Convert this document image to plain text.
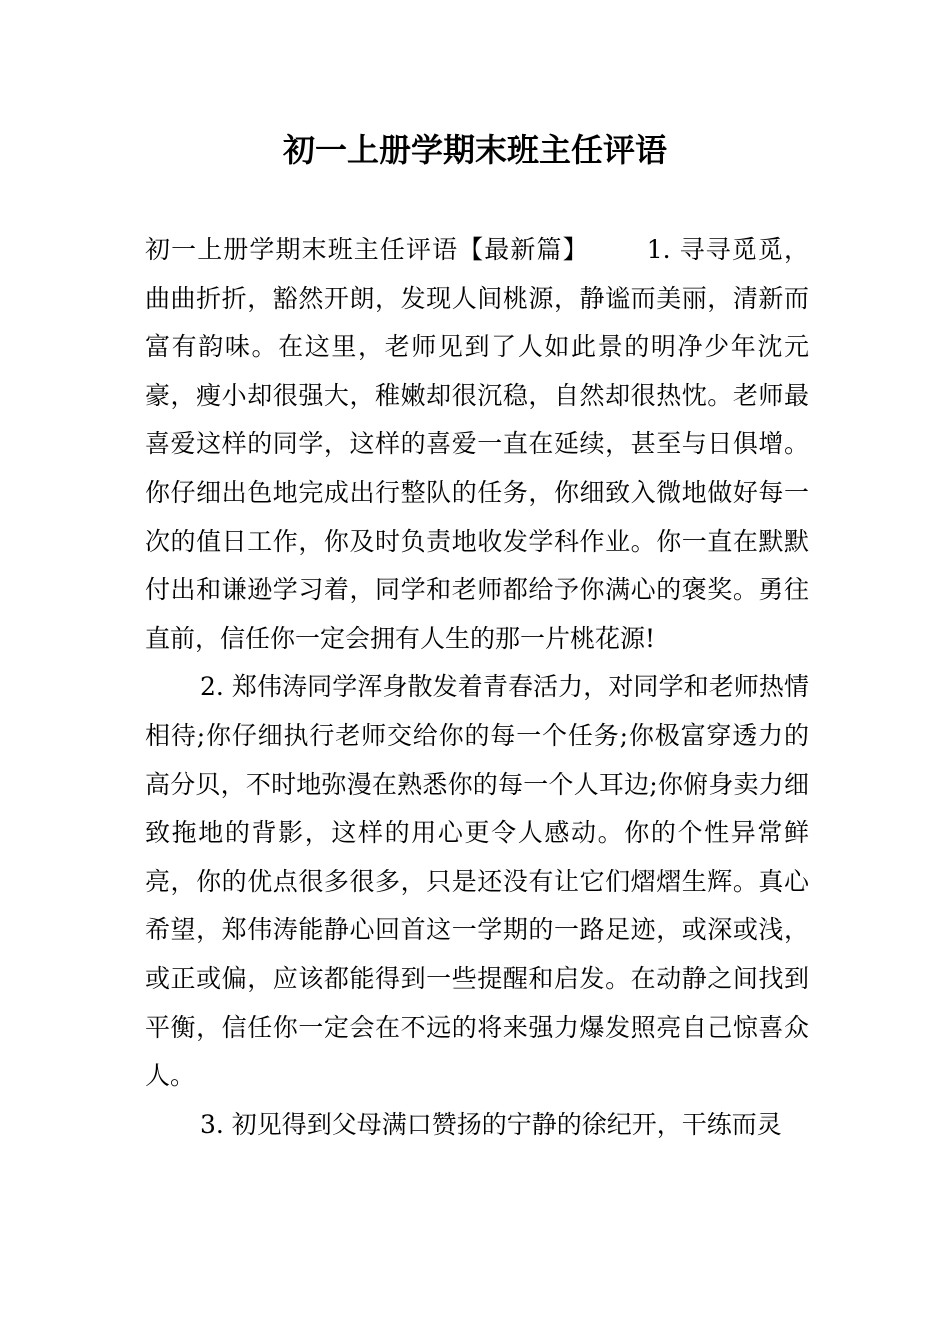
初一上册学期末班主任评语

初一上册学期末班主任评语【最新篇】 1. 寻寻觅觅，曲曲折折，豁然开朗，发现人间桃源，静谧而美丽，清新而富有韵味。在这里，老师见到了人如此景的明净少年沈元豪，瘦小却很强大，稚嫩却很沉稳，自然却很热忱。老师最喜爱这样的同学，这样的喜爱一直在延续，甚至与日俱增。你仔细出色地完成出行整队的任务，你细致入微地做好每一次的值日工作，你及时负责地收发学科作业。你一直在默默付出和谦逊学习着，同学和老师都给予你满心的褒奖。勇往直前，信任你一定会拥有人生的那一片桃花源!

2. 郑伟涛同学浑身散发着青春活力，对同学和老师热情相待;你仔细执行老师交给你的每一个任务;你极富穿透力的高分贝，不时地弥漫在熟悉你的每一个人耳边;你俯身卖力细致拖地的背影，这样的用心更令人感动。你的个性异常鲜亮，你的优点很多很多，只是还没有让它们熠熠生辉。真心希望，郑伟涛能静心回首这一学期的一路足迹，或深或浅，或正或偏，应该都能得到一些提醒和启发。在动静之间找到平衡，信任你一定会在不远的将来强力爆发照亮自己惊喜众人。

3. 初见得到父母满口赞扬的宁静的徐纪开，干练而灵
